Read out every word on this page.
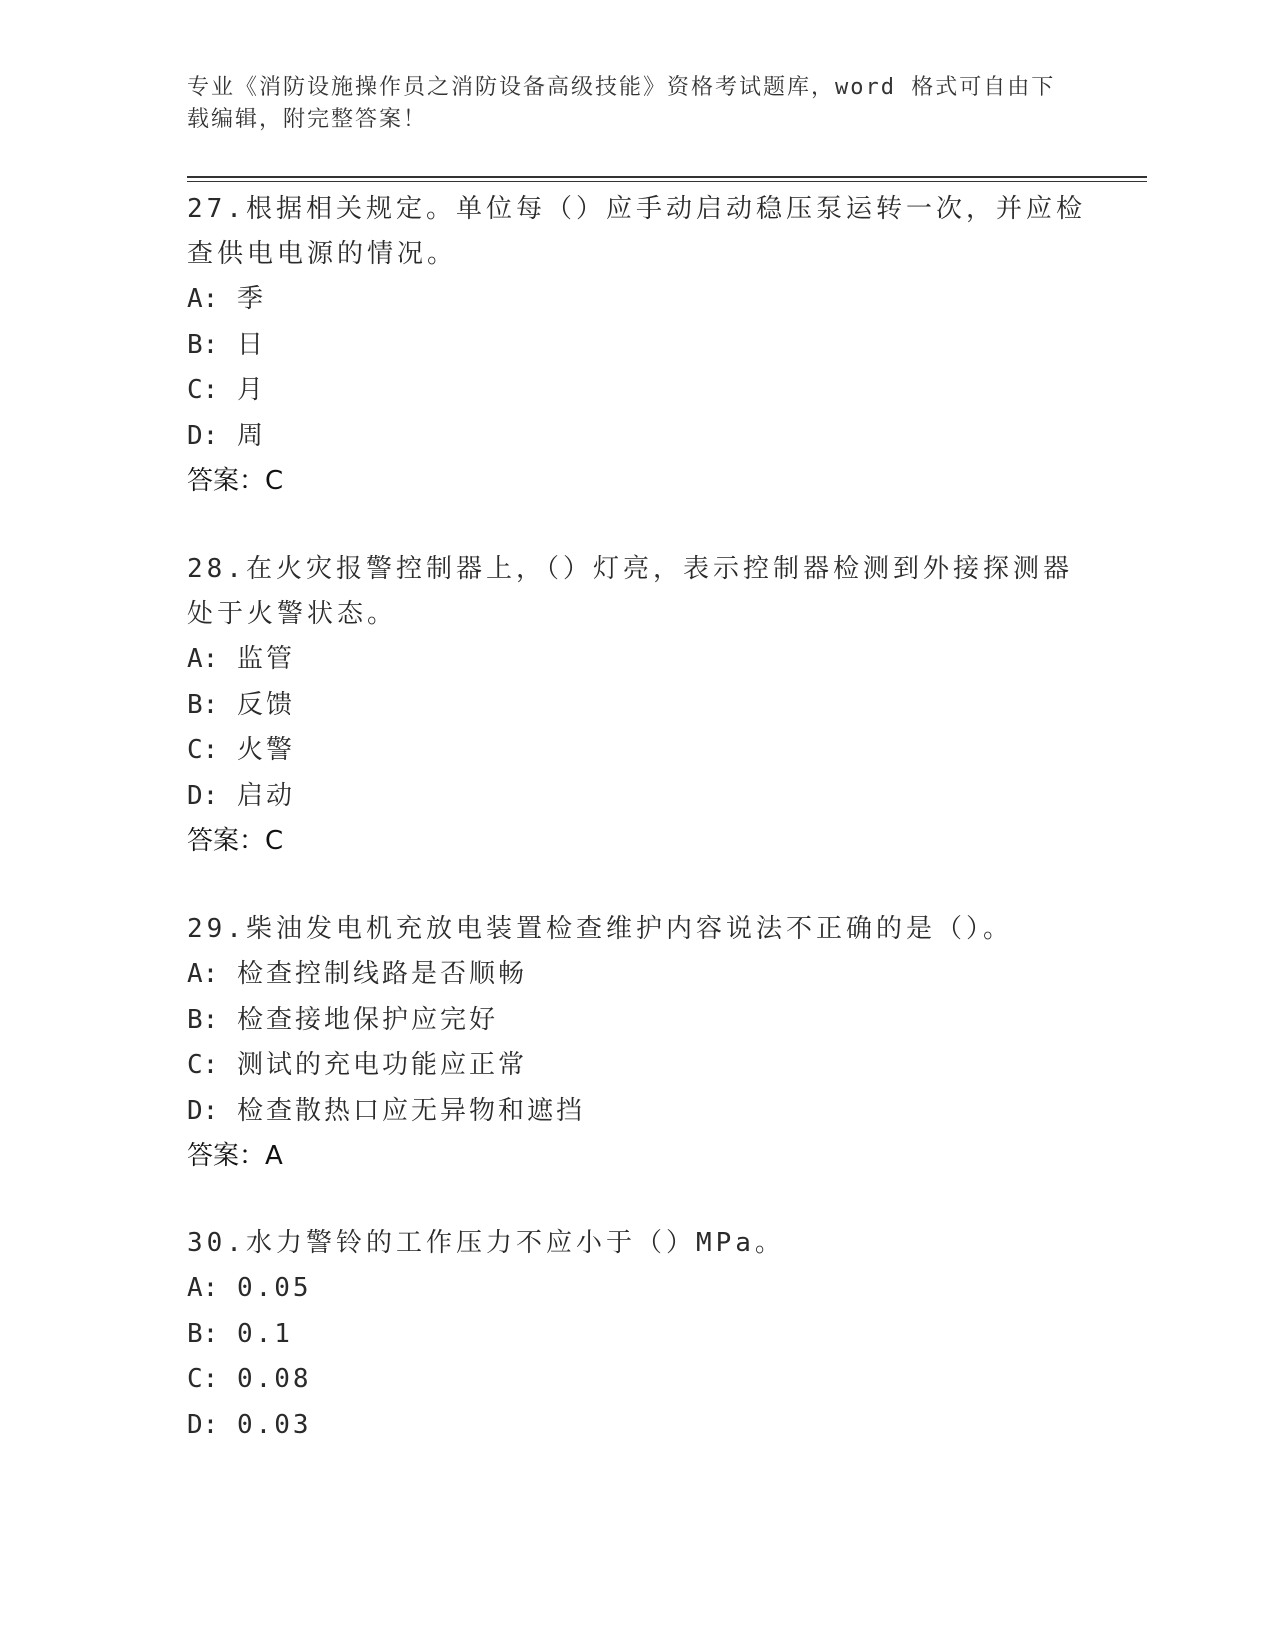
专业《消防设施操作员之消防设备高级技能》资格考试题库，word 格式可自由下载编辑，附完整答案！

27.根据相关规定。单位每（）应手动启动稳压泵运转一次，并应检查供电电源的情况。

A: 季

B: 日

C: 月

D: 周

答案：C

28.在火灾报警控制器上，（）灯亮，表示控制器检测到外接探测器处于火警状态。

A: 监管

B: 反馈

C: 火警

D: 启动

答案：C

29.柴油发电机充放电装置检查维护内容说法不正确的是（）。

A: 检查控制线路是否顺畅

B: 检查接地保护应完好

C: 测试的充电功能应正常

D: 检查散热口应无异物和遮挡

答案：A

30.水力警铃的工作压力不应小于（）MPa。

A: 0.05

B: 0.1

C: 0.08

D: 0.03
